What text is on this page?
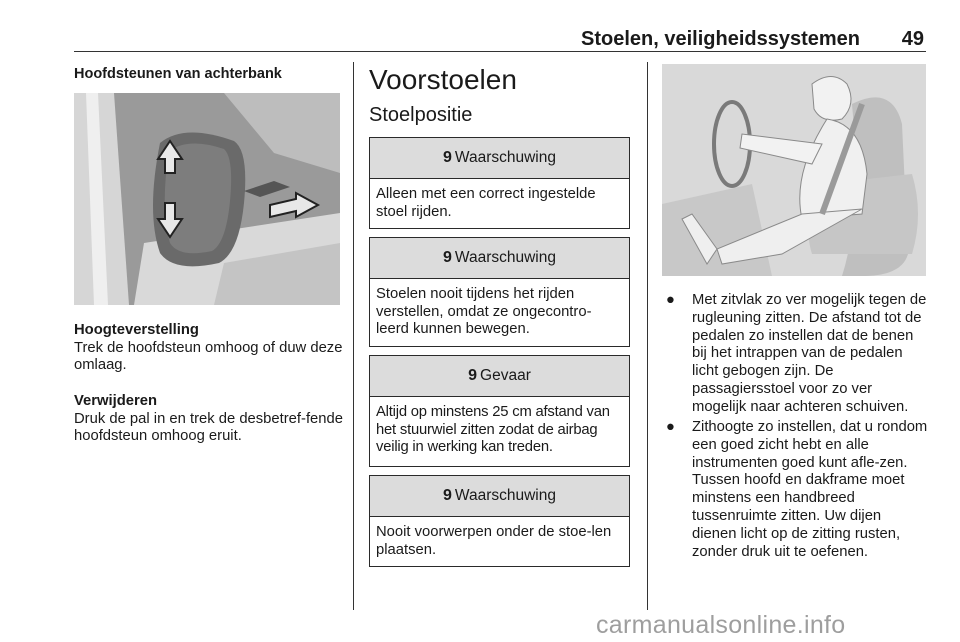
Stoelen, veiligheidssystemen	49
Hoofdsteunen van achterbank
Hoogteverstelling
Trek de hoofdsteun omhoog of duw deze omlaag.
Verwijderen
Druk de pal in en trek de desbetref-fende hoofdsteun omhoog eruit.
Voorstoelen
Stoelpositie
9 Waarschuwing
Alleen met een correct ingestelde stoel rijden.
9 Waarschuwing
Stoelen nooit tijdens het rijden verstellen, omdat ze ongecontro-leerd kunnen bewegen.
9 Gevaar
Altijd op minstens 25 cm afstand van het stuurwiel zitten zodat de airbag veilig in werking kan treden.
9 Waarschuwing
Nooit voorwerpen onder de stoe-len plaatsen.
● Met zitvlak zo ver mogelijk tegen de rugleuning zitten. De afstand tot de pedalen zo instellen dat de benen bij het intrappen van de pedalen licht gebogen zijn. De passagiersstoel voor zo ver mogelijk naar achteren schuiven.
● Zithoogte zo instellen, dat u rondom een goed zicht hebt en alle instrumenten goed kunt afle-zen. Tussen hoofd en dakframe moet minstens een handbreed tussenruimte zitten. Uw dijen dienen licht op de zitting rusten, zonder druk uit te oefenen.
carmanualsonline.info
